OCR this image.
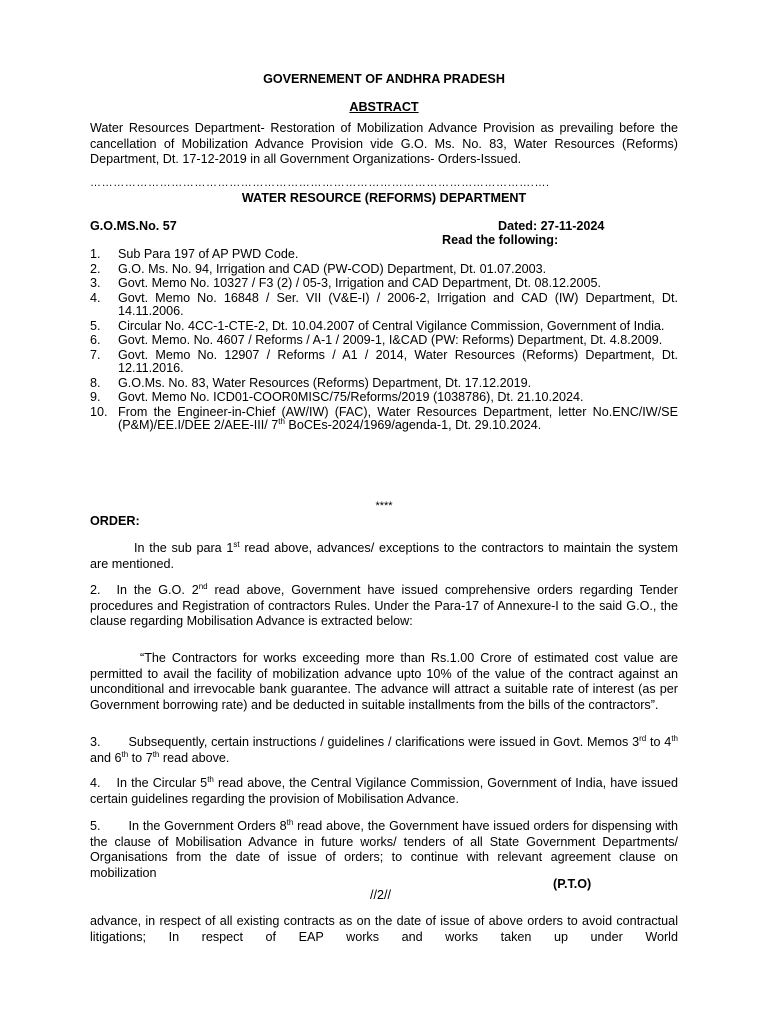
GOVERNEMENT OF ANDHRA PRADESH
ABSTRACT

Water Resources Department- Restoration of Mobilization Advance Provision as prevailing before the cancellation of Mobilization Advance Provision vide G.O. Ms. No. 83, Water Resources (Reforms) Department, Dt. 17-12-2019 in all Government Organizations- Orders-Issued.

…………………………………………………………………………………………………….….
WATER RESOURCE (REFORMS) DEPARTMENT
G.O.MS.No. 57	Dated: 27-11-2024
Read the following:
1.	Sub Para 197 of AP PWD Code.
2.	G.O. Ms. No. 94, Irrigation and CAD (PW-COD) Department, Dt. 01.07.2003.
3.	Govt. Memo No. 10327 / F3 (2) / 05-3, Irrigation and CAD Department, Dt. 08.12.2005.
4.	Govt. Memo No. 16848 / Ser. VII (V&E-I) / 2006-2, Irrigation and CAD (IW) Department, Dt. 14.11.2006.
5.	Circular No. 4CC-1-CTE-2, Dt. 10.04.2007 of Central Vigilance Commission, Government of India.
6.	Govt. Memo. No. 4607 / Reforms / A-1 / 2009-1, I&CAD (PW: Reforms) Department, Dt. 4.8.2009.
7.	Govt. Memo No. 12907 / Reforms / A1 / 2014, Water Resources (Reforms) Department, Dt. 12.11.2016.
8.	G.O.Ms. No. 83, Water Resources (Reforms) Department, Dt. 17.12.2019.
9.	Govt. Memo No. ICD01-COOR0MISC/75/Reforms/2019 (1038786), Dt. 21.10.2024.
10. From the Engineer-in-Chief (AW/IW) (FAC), Water Resources Department, letter No.ENC/IW/SE (P&M)/EE.I/DEE 2/AEE-III/ 7th BoCEs-2024/1969/agenda-1, Dt. 29.10.2024.
****
ORDER:

In the sub para 1st read above, advances/ exceptions to the contractors to maintain the system are mentioned.

2. In the G.O. 2nd read above, Government have issued comprehensive orders regarding Tender procedures and Registration of contractors Rules. Under the Para-17 of Annexure-I to the said G.O., the clause regarding Mobilisation Advance is extracted below:

“The Contractors for works exceeding more than Rs.1.00 Crore of estimated cost value are permitted to avail the facility of mobilization advance upto 10% of the value of the contract against an unconditional and irrevocable bank guarantee. The advance will attract a suitable rate of interest (as per Government borrowing rate) and be deducted in suitable installments from the bills of the contractors”.

3. Subsequently, certain instructions / guidelines / clarifications were issued in Govt. Memos 3rd to 4th and 6th to 7th read above.

4. In the Circular 5th read above, the Central Vigilance Commission, Government of India, have issued certain guidelines regarding the provision of Mobilisation Advance.

5. In the Government Orders 8th read above, the Government have issued orders for dispensing with the clause of Mobilisation Advance in future works/ tenders of all State Government Departments/ Organisations from the date of issue of orders; to continue with relevant agreement clause on mobilization

(P.T.O)
//2//

advance, in respect of all existing contracts as on the date of issue of above orders to avoid contractual litigations; In respect of EAP works and works taken up under World
